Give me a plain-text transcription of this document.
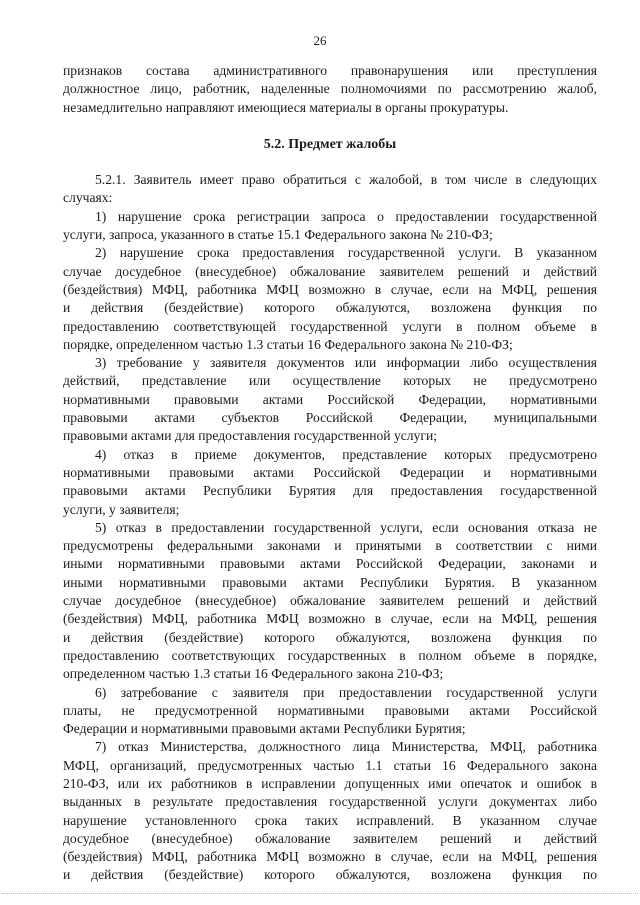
26
признаков состава административного правонарушения или преступления
должностное лицо, работник, наделенные полномочиями по рассмотрению жалоб,
незамедлительно направляют имеющиеся материалы в органы прокуратуры.
5.2. Предмет жалобы
5.2.1. Заявитель имеет право обратиться с жалобой, в том числе в следующих
случаях:
1) нарушение срока регистрации запроса о предоставлении государственной
услуги, запроса, указанного в статье 15.1 Федерального закона № 210-ФЗ;
2) нарушение срока предоставления государственной услуги. В указанном
случае досудебное (внесудебное) обжалование заявителем решений и действий
(бездействия) МФЦ, работника МФЦ возможно в случае, если на МФЦ, решения
и действия (бездействие) которого обжалуются, возложена функция по
предоставлению соответствующей государственной услуги в полном объеме в
порядке, определенном частью 1.3 статьи 16 Федерального закона № 210-ФЗ;
3) требование у заявителя документов или информации либо осуществления
действий, представление или осуществление которых не предусмотрено
нормативными правовыми актами Российской Федерации, нормативными
правовыми актами субъектов Российской Федерации, муниципальными
правовыми актами для предоставления государственной услуги;
4) отказ в приеме документов, представление которых предусмотрено
нормативными правовыми актами Российской Федерации и нормативными
правовыми актами Республики Бурятия для предоставления государственной
услуги, у заявителя;
5) отказ в предоставлении государственной услуги, если основания отказа не
предусмотрены федеральными законами и принятыми в соответствии с ними
иными нормативными правовыми актами Российской Федерации, законами и
иными нормативными правовыми актами Республики Бурятия. В указанном
случае досудебное (внесудебное) обжалование заявителем решений и действий
(бездействия) МФЦ, работника МФЦ возможно в случае, если на МФЦ, решения
и действия (бездействие) которого обжалуются, возложена функция по
предоставлению соответствующих государственных в полном объеме в порядке,
определенном частью 1.3 статьи 16 Федерального закона 210-ФЗ;
6) затребование с заявителя при предоставлении государственной услуги
платы, не предусмотренной нормативными правовыми актами Российской
Федерации и нормативными правовыми актами Республики Бурятия;
7) отказ Министерства, должностного лица Министерства, МФЦ, работника
МФЦ, организаций, предусмотренных частью 1.1 статьи 16 Федерального закона
210-ФЗ, или их работников в исправлении допущенных ими опечаток и ошибок в
выданных в результате предоставления государственной услуги документах либо
нарушение установленного срока таких исправлений. В указанном случае
досудебное (внесудебное) обжалование заявителем решений и действий
(бездействия) МФЦ, работника МФЦ возможно в случае, если на МФЦ, решения
и действия (бездействие) которого обжалуются, возложена функция по
